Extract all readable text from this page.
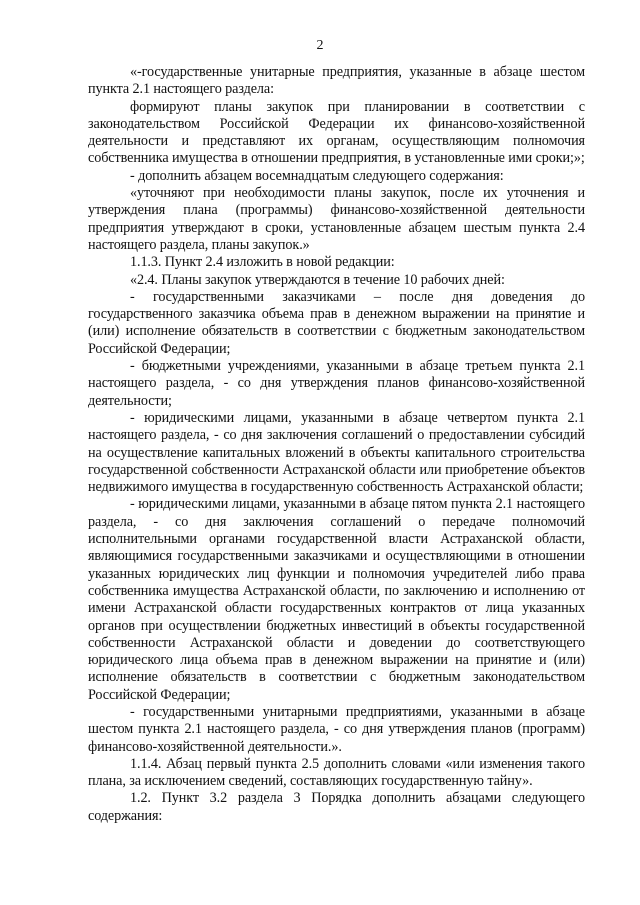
2

«-государственные унитарные предприятия, указанные в абзаце шестом пункта 2.1 настоящего раздела:

формируют планы закупок при планировании в соответствии с законодательством Российской Федерации их финансово-хозяйственной деятельности и представляют их органам, осуществляющим полномочия собственника имущества в отношении предприятия, в установленные ими сроки;»;

- дополнить абзацем восемнадцатым следующего содержания:

«уточняют при необходимости планы закупок, после их уточнения и утверждения плана (программы) финансово-хозяйственной деятельности предприятия утверждают в сроки, установленные абзацем шестым пункта 2.4 настоящего раздела, планы закупок.»

1.1.3. Пункт 2.4 изложить в новой редакции:

«2.4. Планы закупок утверждаются в течение 10 рабочих дней:

- государственными заказчиками – после дня доведения до государственного заказчика объема прав в денежном выражении на принятие и (или) исполнение обязательств в соответствии с бюджетным законодательством Российской Федерации;

- бюджетными учреждениями, указанными в абзаце третьем пункта 2.1 настоящего раздела, - со дня утверждения планов финансово-хозяйственной деятельности;

- юридическими лицами, указанными в абзаце четвертом пункта 2.1 настоящего раздела, - со дня заключения соглашений о предоставлении субсидий на осуществление капитальных вложений в объекты капитального строительства государственной собственности Астраханской области или приобретение объектов недвижимого имущества в государственную собственность Астраханской области;

- юридическими лицами, указанными в абзаце пятом пункта 2.1 настоящего раздела, - со дня заключения соглашений о передаче полномочий исполнительными органами государственной власти Астраханской области, являющимися государственными заказчиками и осуществляющими в отношении указанных юридических лиц функции и полномочия учредителей либо права собственника имущества Астраханской области, по заключению и исполнению от имени Астраханской области государственных контрактов от лица указанных органов при осуществлении бюджетных инвестиций в объекты государственной собственности Астраханской области и доведении до соответствующего юридического лица объема прав в денежном выражении на принятие и (или) исполнение обязательств в соответствии с бюджетным законодательством Российской Федерации;

- государственными унитарными предприятиями, указанными в абзаце шестом пункта 2.1 настоящего раздела, - со дня утверждения планов (программ) финансово-хозяйственной деятельности.».

1.1.4. Абзац первый пункта 2.5 дополнить словами «или изменения такого плана, за исключением сведений, составляющих государственную тайну».

1.2. Пункт 3.2 раздела 3 Порядка дополнить абзацами следующего содержания:
